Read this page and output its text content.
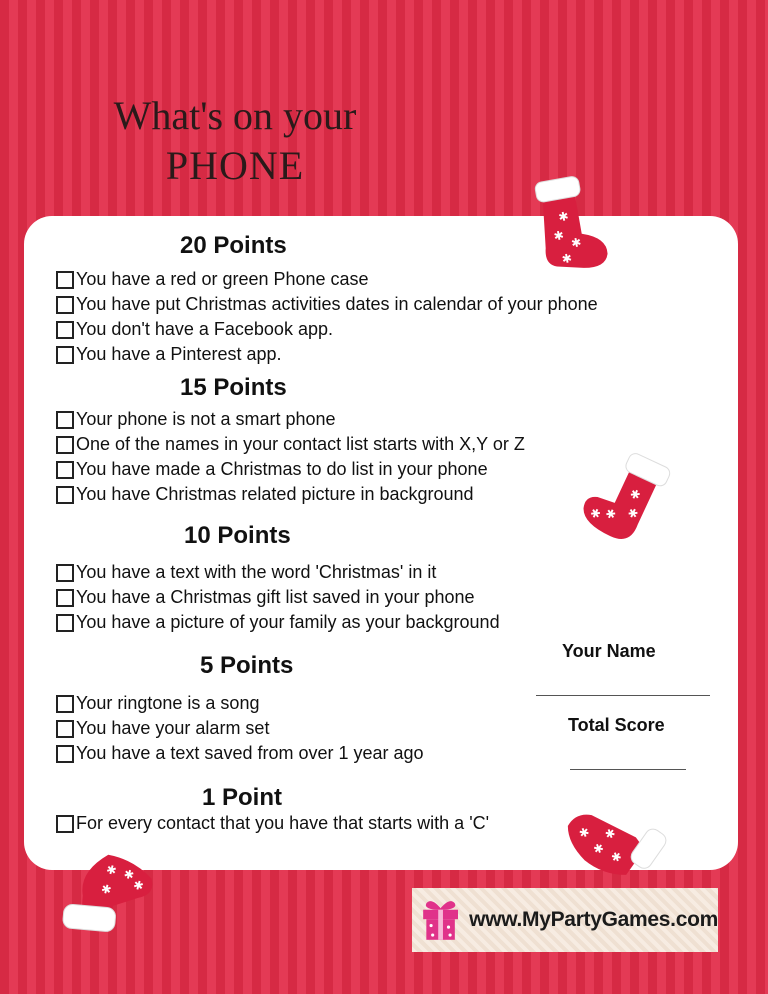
What's on your
PHONE
20 Points
You have a red or green Phone case
You have put Christmas activities dates in calendar of your phone
You don't have a Facebook app.
You have a Pinterest app.
15 Points
Your phone is not a smart phone
One of the names in your contact list starts with X,Y or Z
You have made a Christmas to do list in your phone
You have Christmas related picture in background
10 Points
You have a text with the word 'Christmas' in it
You have a Christmas gift list saved in your phone
You have a picture of your family as your background
5 Points
Your ringtone is a song
You have your alarm set
You have a text saved from over 1 year ago
1 Point
For every contact that you have that starts with a 'C'
Your Name
Total Score
✱
✱ ✱
✱
✱
✱
✱
✱
✱
✱
✱
✱
✱ ✱
✱
✱
www.MyPartyGames.com
